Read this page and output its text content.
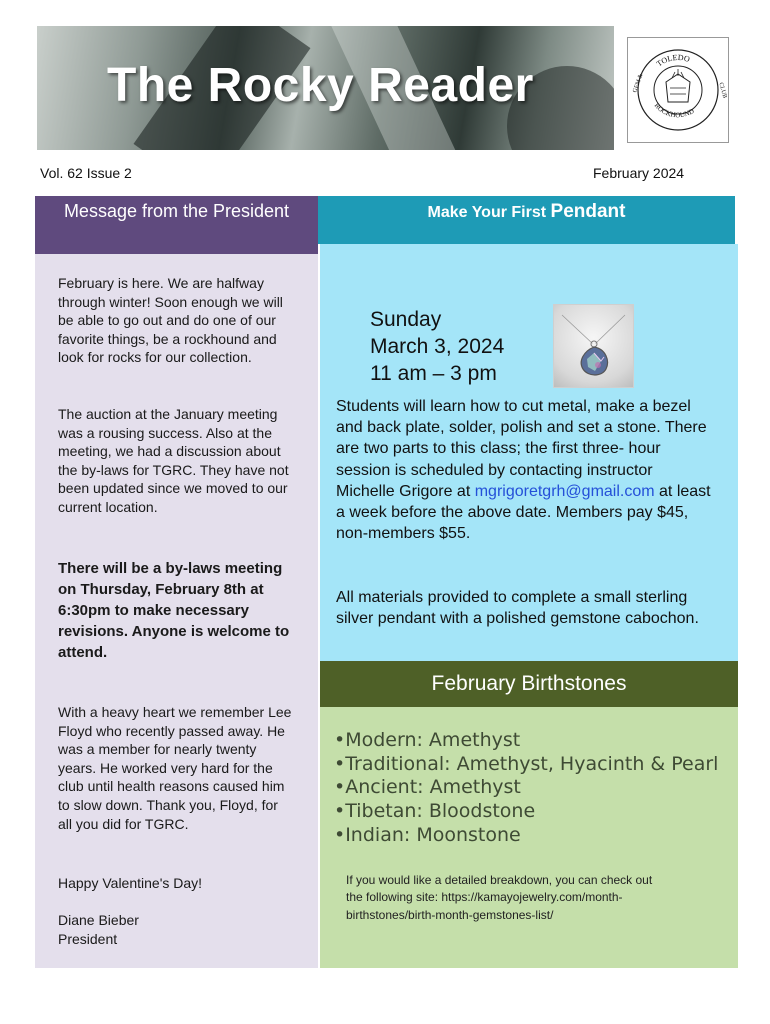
The Rocky Reader	TOLEDO
ROCKHOUND
GEM &	CLUB
Vol. 62 Issue 2	February 2024
Message from the President
February is here. We are halfway through winter! Soon enough we will be able to go out and do one of our favorite things, be a rockhound and look for rocks for our collection.
The auction at the January meeting was a rousing success. Also at the meeting, we had a discussion about the by-laws for TGRC. They have not been updated since we moved to our current location.
There will be a by-laws meeting on Thursday, February 8th at 6:30pm to make necessary revisions. Anyone is welcome to attend.
With a heavy heart we remember Lee Floyd who recently passed away. He was a member for nearly twenty years. He worked very hard for the club until health reasons caused him to slow down. Thank you, Floyd, for all you did for TGRC.
Happy Valentine's Day!
Diane Bieber
President
Make Your First Pendant
Sunday
March 3, 2024
11 am – 3 pm
Students will learn how to cut metal, make a bezel and back plate, solder, polish and set a stone. There are two parts to this class; the first three- hour session is scheduled by contacting instructor Michelle Grigore at mgrigoretgrh@gmail.com at least a week before the above date. Members pay $45, non-members $55.
All materials provided to complete a small sterling silver pendant with a polished gemstone cabochon.
February Birthstones
•Modern: Amethyst
•Traditional: Amethyst, Hyacinth & Pearl
•Ancient: Amethyst
•Tibetan: Bloodstone
•Indian: Moonstone
If you would like a detailed breakdown, you can check out the following site: https://kamayojewelry.com/month-birthstones/birth-month-gemstones-list/
